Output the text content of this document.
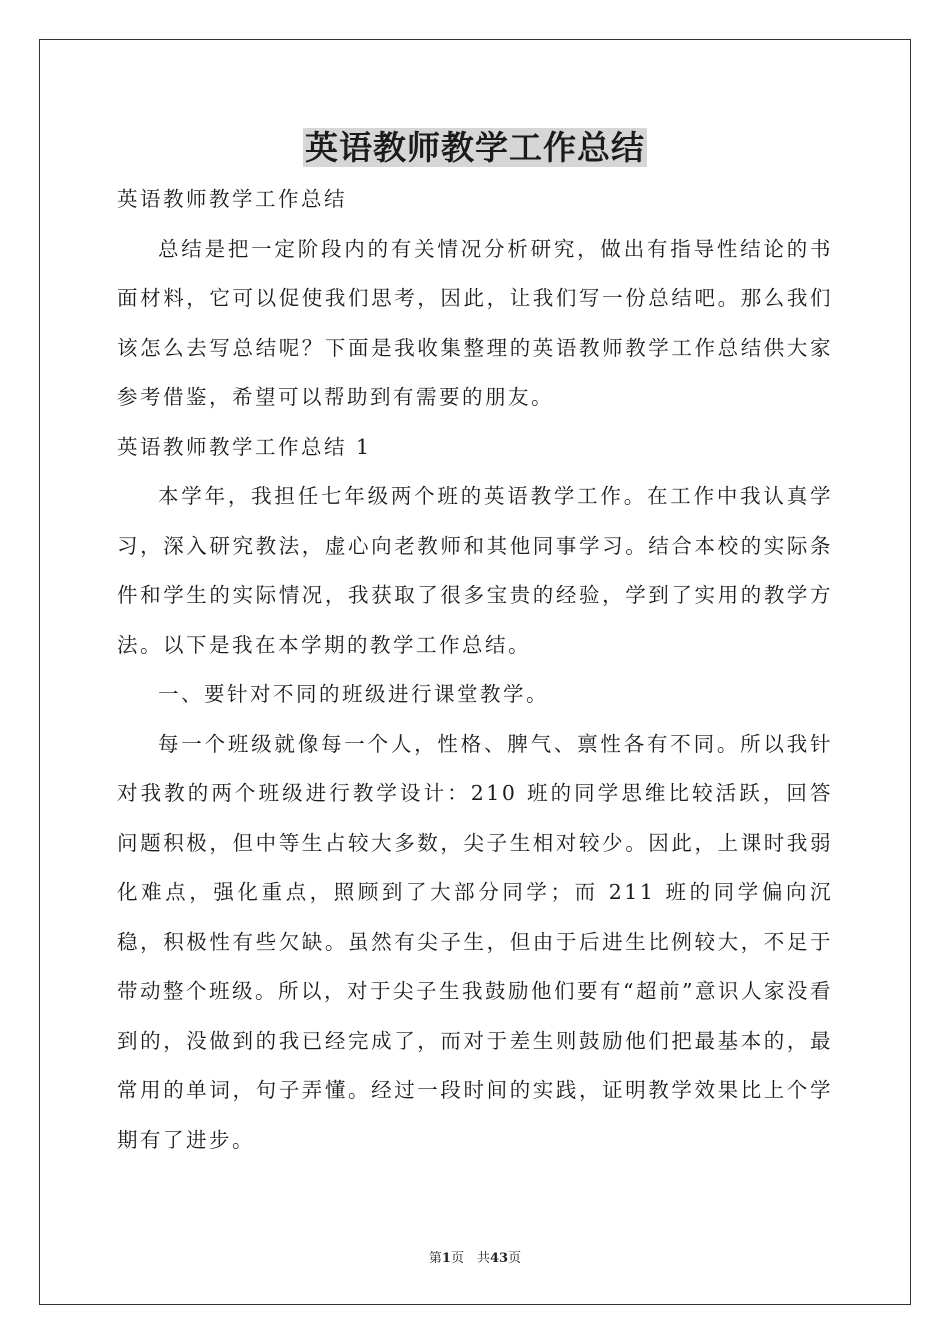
英语教师教学工作总结

英语教师教学工作总结

总结是把一定阶段内的有关情况分析研究，做出有指导性结论的书面材料，它可以促使我们思考，因此，让我们写一份总结吧。那么我们该怎么去写总结呢？下面是我收集整理的英语教师教学工作总结供大家参考借鉴，希望可以帮助到有需要的朋友。

英语教师教学工作总结 1

本学年，我担任七年级两个班的英语教学工作。在工作中我认真学习，深入研究教法，虚心向老教师和其他同事学习。结合本校的实际条件和学生的实际情况，我获取了很多宝贵的经验，学到了实用的教学方法。以下是我在本学期的教学工作总结。

一、要针对不同的班级进行课堂教学。

每一个班级就像每一个人，性格、脾气、禀性各有不同。所以我针对我教的两个班级进行教学设计：210 班的同学思维比较活跃，回答问题积极，但中等生占较大多数，尖子生相对较少。因此，上课时我弱化难点，强化重点，照顾到了大部分同学；而 211 班的同学偏向沉稳，积极性有些欠缺。虽然有尖子生，但由于后进生比例较大，不足于带动整个班级。所以，对于尖子生我鼓励他们要有“超前”意识人家没看到的，没做到的我已经完成了，而对于差生则鼓励他们把最基本的，最常用的单词，句子弄懂。经过一段时间的实践，证明教学效果比上个学期有了进步。

第1页　共43页
